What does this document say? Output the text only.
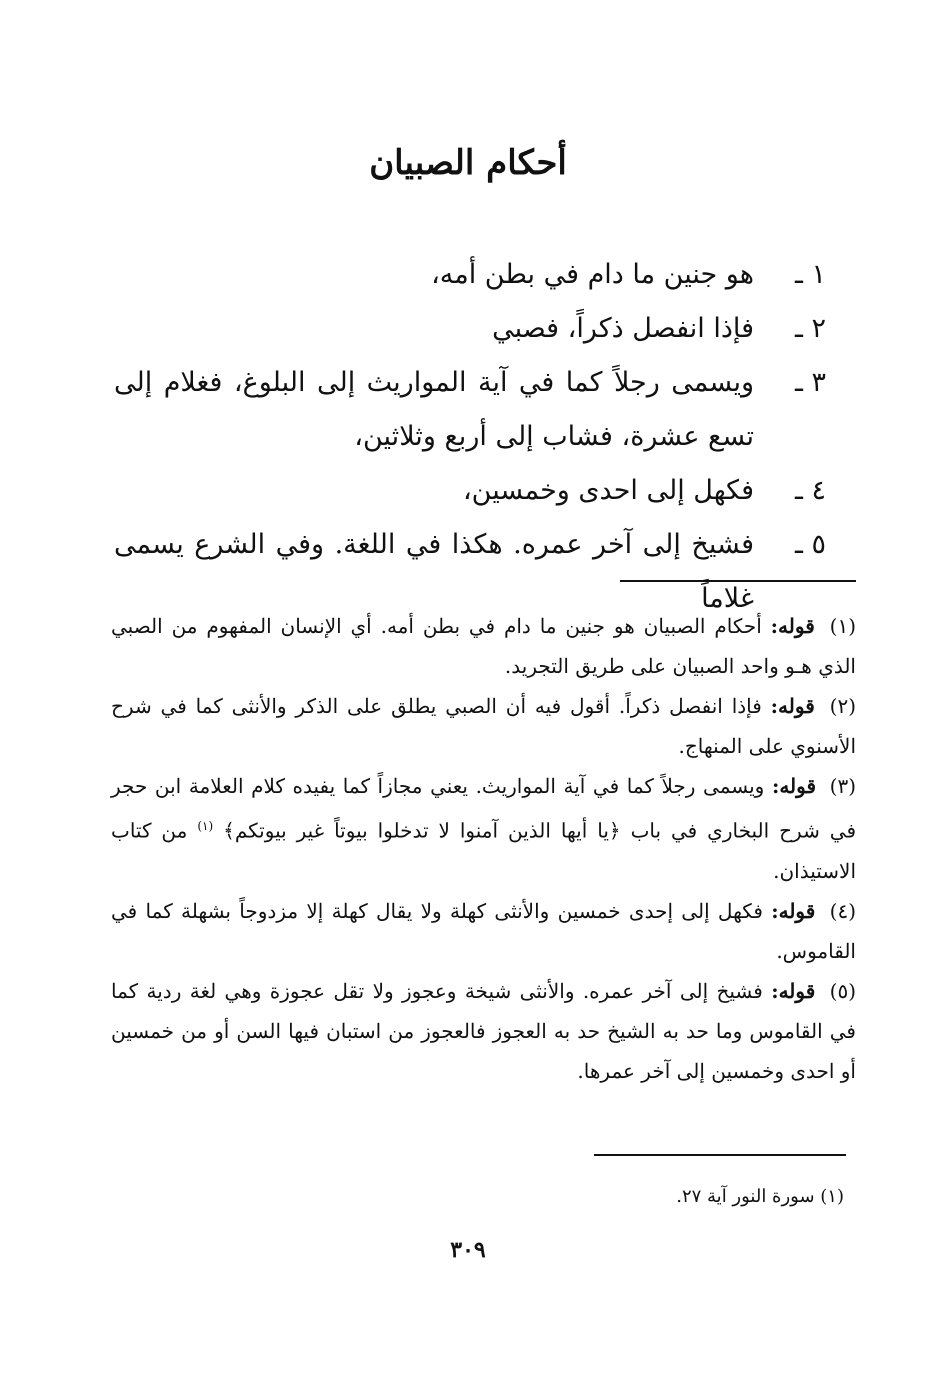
أحكام الصبيان
١ ـ
هو جنين ما دام في بطن أمه،
٢ ـ
فإذا انفصل ذكراً، فصبي
٣ ـ
ويسمى رجلاً كما في آية المواريث إلى البلوغ، فغلام إلى تسع عشرة، فشاب إلى أربع وثلاثين،
٤ ـ
فكهل إلى احدى وخمسين،
٥ ـ
فشيخ إلى آخر عمره. هكذا في اللغة. وفي الشرع يسمى غلاماً

(١) قوله: أحكام الصبيان هو جنين ما دام في بطن أمه. أي الإنسان المفهوم من الصبي الذي هـو واحد الصبيان على طريق التجريد.

(٢) قوله: فإذا انفصل ذكراً. أقول فيه أن الصبي يطلق على الذكر والأنثى كما في شرح الأسنوي على المنهاج.

(٣) قوله: ويسمى رجلاً كما في آية المواريث. يعني مجازاً كما يفيده كلام العلامة ابن حجر في شرح البخاري في باب ﴿يا أيها الذين آمنوا لا تدخلوا بيوتاً غير بيوتكم﴾ $^{(١)}$ من كتاب الاستيذان.

(٤) قوله: فكهل إلى إحدى خمسين والأنثى كهلة ولا يقال كهلة إلا مزدوجاً بشهلة كما في القاموس.

(٥) قوله: فشيخ إلى آخر عمره. والأنثى شيخة وعجوز ولا تقل عجوزة وهي لغة ردية كما في القاموس وما حد به الشيخ حد به العجوز فالعجوز من استبان فيها السن أو من خمسين أو احدى وخمسين إلى آخر عمرها.

(١) سورة النور آية ٢٧.

٣٠٩
